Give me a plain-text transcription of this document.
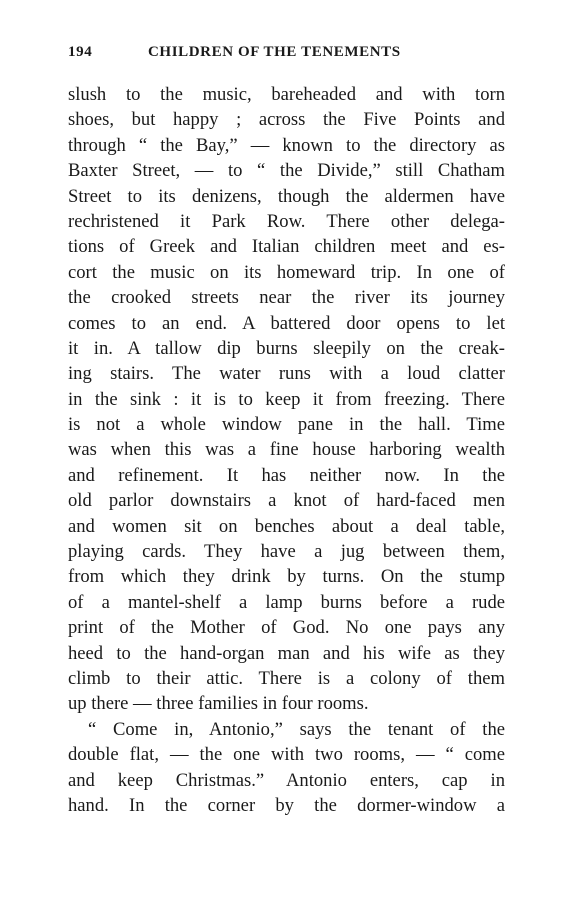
194	CHILDREN OF THE TENEMENTS
slush to the music, bareheaded and with torn
shoes, but happy ; across the Five Points and
through “ the Bay,” — known to the directory as
Baxter Street, — to “ the Divide,” still Chatham
Street to its denizens, though the aldermen have
rechristened it Park Row. There other delega-
tions of Greek and Italian children meet and es-
cort the music on its homeward trip. In one of
the crooked streets near the river its journey
comes to an end. A battered door opens to let
it in. A tallow dip burns sleepily on the creak-
ing stairs. The water runs with a loud clatter
in the sink : it is to keep it from freezing. There
is not a whole window pane in the hall. Time
was when this was a fine house harboring wealth
and refinement. It has neither now. In the
old parlor downstairs a knot of hard-faced men
and women sit on benches about a deal table,
playing cards. They have a jug between them,
from which they drink by turns. On the stump
of a mantel-shelf a lamp burns before a rude
print of the Mother of God. No one pays any
heed to the hand-organ man and his wife as they
climb to their attic. There is a colony of them
up there — three families in four rooms.
“ Come in, Antonio,” says the tenant of the
double flat, — the one with two rooms, — “ come
and keep Christmas.” Antonio enters, cap in
hand. In the corner by the dormer-window a
